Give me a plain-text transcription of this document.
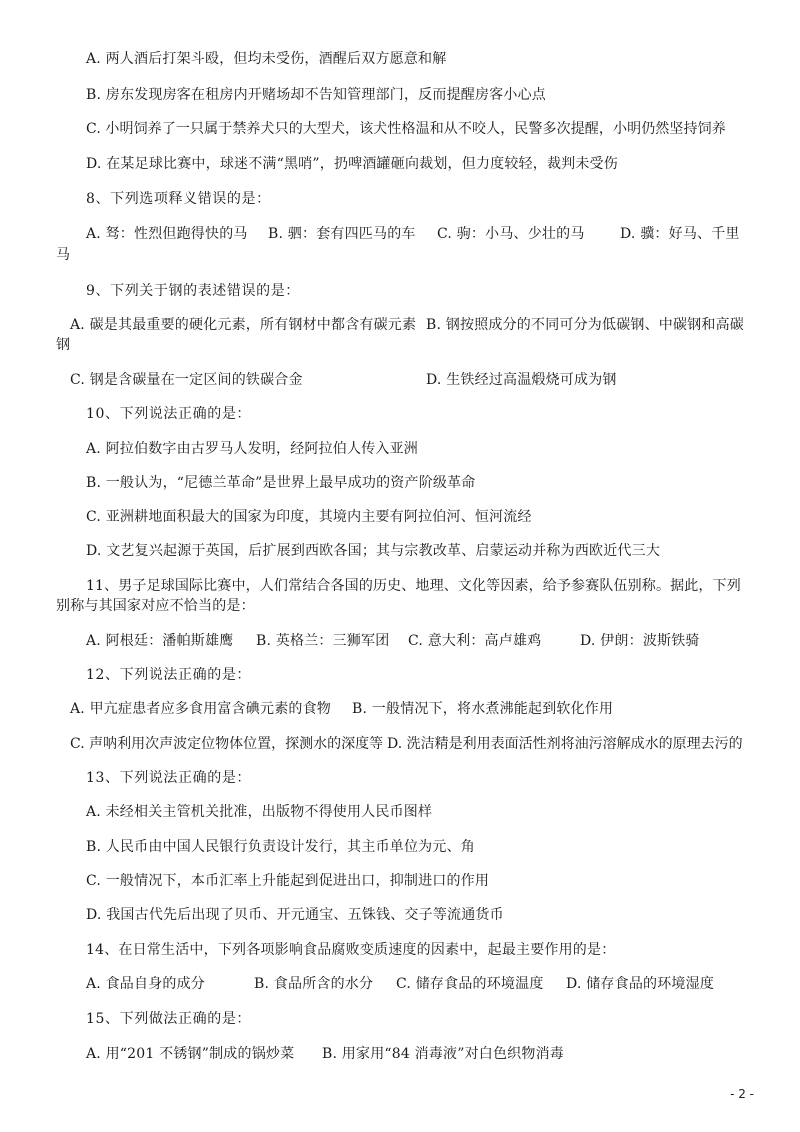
A. 两人酒后打架斗殴，但均未受伤，酒醒后双方愿意和解
B. 房东发现房客在租房内开赌场却不告知管理部门，反而提醒房客小心点
C. 小明饲养了一只属于禁养犬只的大型犬，该犬性格温和从不咬人，民警多次提醒，小明仍然坚持饲养
D. 在某足球比赛中，球迷不满“黑哨”，扔啤酒罐砸向裁划，但力度较轻，裁判未受伤
8、下列选项释义错误的是：
A. 驽：性烈但跑得快的马 B. 驷：套有四匹马的车 C. 驹：小马、少壮的马	D. 骥：好马、千里
马
9、下列关于钢的表述错误的是：
A. 碳是其最重要的硬化元素，所有钢材中都含有碳元素 B. 钢按照成分的不同可分为低碳钢、中碳钢和高碳
钢
C. 钢是含碳量在一定区间的铁碳合金	D. 生铁经过高温煅烧可成为钢
10、下列说法正确的是：
A. 阿拉伯数字由古罗马人发明，经阿拉伯人传入亚洲
B. 一般认为，“尼德兰革命”是世界上最早成功的资产阶级革命
C. 亚洲耕地面积最大的国家为印度，其境内主要有阿拉伯河、恒河流经
D. 文艺复兴起源于英国，后扩展到西欧各国；其与宗教改革、启蒙运动并称为西欧近代三大
11、男子足球国际比赛中，人们常结合各国的历史、地理、文化等因素，给予参赛队伍别称。据此，下列
别称与其国家对应不恰当的是：
A. 阿根廷：潘帕斯雄鹰 B. 英格兰：三狮军团 C. 意大利：高卢雄鸡	D. 伊朗：波斯铁骑
12、下列说法正确的是：
A. 甲亢症患者应多食用富含碘元素的食物 B. 一般情况下，将水煮沸能起到软化作用
C. 声呐利用次声波定位物体位置，探测水的深度等 D. 洗洁精是利用表面活性剂将油污溶解成水的原理去污的
13、下列说法正确的是：
A. 未经相关主管机关批准，出版物不得使用人民币图样
B. 人民币由中国人民银行负责设计发行，其主币单位为元、角
C. 一般情况下，本币汇率上升能起到促进出口，抑制进口的作用
D. 我国古代先后出现了贝币、开元通宝、五铢钱、交子等流通货币
14、在日常生活中，下列各项影响食品腐败变质速度的因素中，起最主要作用的是：
A. 食品自身的成分	B. 食品所含的水分 C. 储存食品的环境温度 D. 储存食品的环境湿度
15、下列做法正确的是：
A. 用“201 不锈钢”制成的锅炒菜 B. 用家用“84 消毒液”对白色织物消毒
- 2 -
